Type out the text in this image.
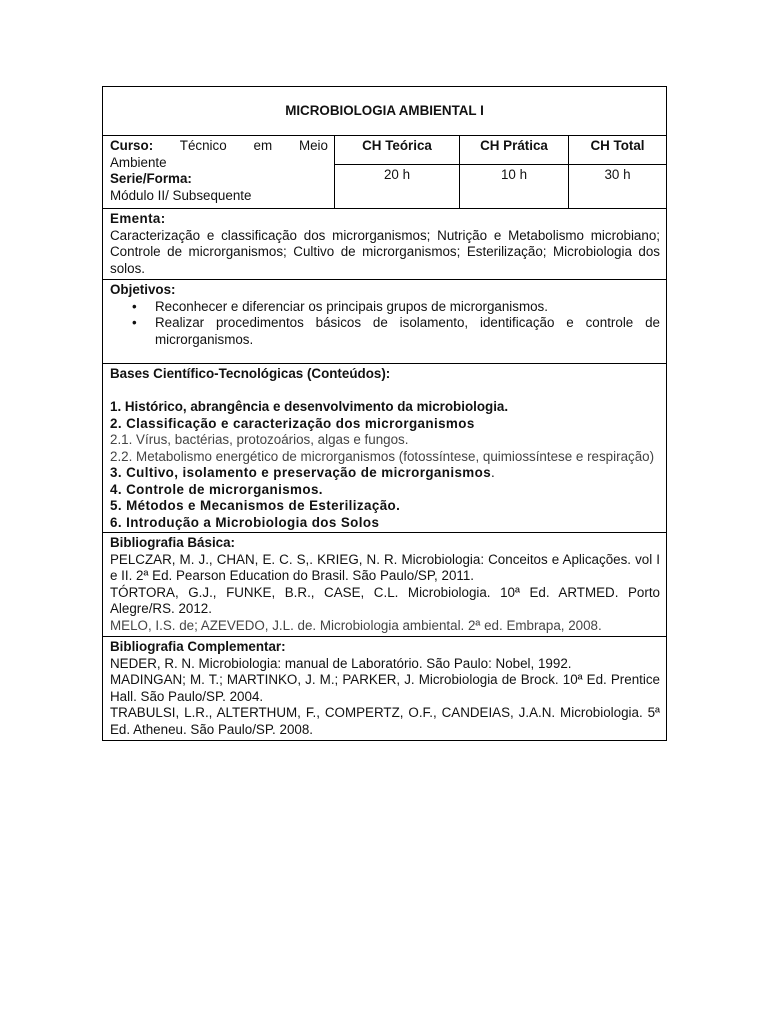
MICROBIOLOGIA AMBIENTAL I
Curso: Técnico em Meio
Ambiente
Serie/Forma:
Módulo II/ Subsequente
CH Teórica	CH Prática	CH Total
20 h	10 h	30 h
Ementa:
Caracterização e classificação dos microrganismos; Nutrição e Metabolismo microbiano; Controle de microrganismos; Cultivo de microrganismos; Esterilização; Microbiologia dos solos.
Objetivos:
• Reconhecer e diferenciar os principais grupos de microrganismos.
• Realizar procedimentos básicos de isolamento, identificação e controle de microrganismos.
Bases Científico-Tecnológicas (Conteúdos):
1. Histórico, abrangência e desenvolvimento da microbiologia.
2. Classificação e caracterização dos microrganismos
2.1. Vírus, bactérias, protozoários, algas e fungos.
2.2. Metabolismo energético de microrganismos (fotossíntese, quimiossíntese e respiração)
3. Cultivo, isolamento e preservação de microrganismos.
4. Controle de microrganismos.
5. Métodos e Mecanismos de Esterilização.
6. Introdução a Microbiologia dos Solos
Bibliografia Básica:
PELCZAR, M. J., CHAN, E. C. S,. KRIEG, N. R. Microbiologia: Conceitos e Aplicações. vol I e II. 2ª Ed. Pearson Education do Brasil. São Paulo/SP, 2011.
TÓRTORA, G.J., FUNKE, B.R., CASE, C.L. Microbiologia. 10ª Ed. ARTMED. Porto Alegre/RS. 2012.
MELO, I.S. de; AZEVEDO, J.L. de. Microbiologia ambiental. 2ª ed. Embrapa, 2008.
Bibliografia Complementar:
NEDER, R. N. Microbiologia: manual de Laboratório. São Paulo: Nobel, 1992.
MADINGAN; M. T.; MARTINKO, J. M.; PARKER, J. Microbiologia de Brock. 10ª Ed. Prentice Hall. São Paulo/SP. 2004.
TRABULSI, L.R., ALTERTHUM, F., COMPERTZ, O.F., CANDEIAS, J.A.N. Microbiologia. 5ª Ed. Atheneu. São Paulo/SP. 2008.
